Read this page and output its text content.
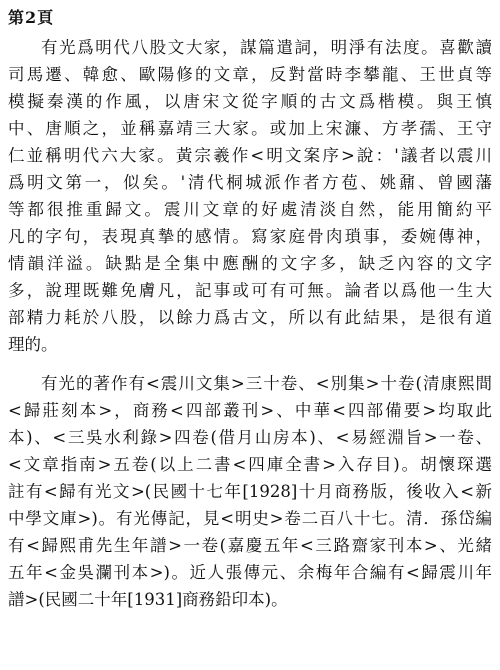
第2頁
有光爲明代八股文大家，謀篇遣詞，明淨有法度。喜歡讀
司馬遷、韓愈、歐陽修的文章，反對當時李攀龍、王世貞等
模擬秦漢的作風，以唐宋文從字順的古文爲楷模。與王慎
中、唐順之，並稱嘉靖三大家。或加上宋濂、方孝孺、王守
仁並稱明代六大家。黃宗羲作<明文案序>說：'議者以震川
爲明文第一，似矣。'清代桐城派作者方苞、姚鼐、曾國藩
等都很推重歸文。震川文章的好處清淡自然，能用簡約平
凡的字句，表現真摯的感情。寫家庭骨肉瑣事，委婉傳神，
情韻洋溢。缺點是全集中應酬的文字多，缺乏內容的文字
多，說理既難免膚凡，記事或可有可無。論者以爲他一生大
部精力耗於八股，以餘力爲古文，所以有此結果，是很有道
理的。
有光的著作有<震川文集>三十卷、<別集>十卷(清康熙間
<歸莊刻本>，商務<四部叢刊>、中華<四部備要>均取此
本)、<三吳水利錄>四卷(借月山房本)、<易經淵旨>一卷、
<文章指南>五卷(以上二書<四庫全書>入存目)。胡懷琛選
註有<歸有光文>(民國十七年[1928]十月商務版，後收入<新
中學文庫>)。有光傳記，見<明史>卷二百八十七。清．孫岱編
有<歸熙甫先生年譜>一卷(嘉慶五年<三路齋家刊本>、光緒
五年<金吳瀾刊本>)。近人張傳元、余梅年合編有<歸震川年
譜>(民國二十年[1931]商務鉛印本)。
